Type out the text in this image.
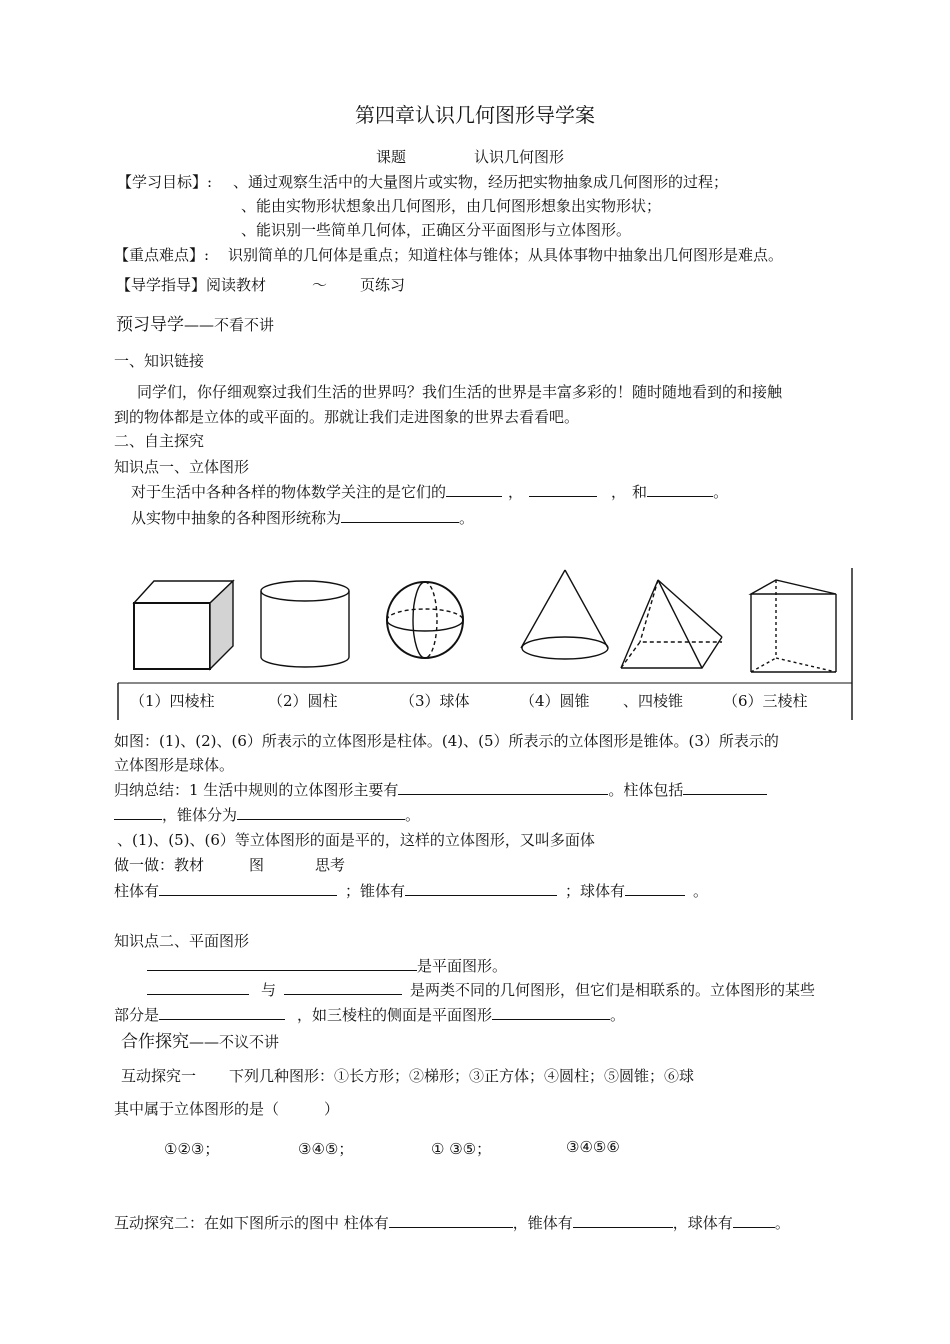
第四章认识几何图形导学案
课题	认识几何图形
【学习目标】: 、通过观察生活中的大量图片或实物，经历把实物抽象成几何图形的过程；
、能由实物形状想象出几何图形，由几何图形想象出实物形状；
、能识别一些简单几何体，正确区分平面图形与立体图形。
【重点难点】: 识别简单的几何体是重点；知道柱体与锥体；从具体事物中抽象出几何图形是难点。
【导学指导】阅读教材	～ 页练习
预习导学——不看不讲
一、知识链接
同学们，你仔细观察过我们生活的世界吗？我们生活的世界是丰富多彩的！随时随地看到的和接触
到的物体都是立体的或平面的。那就让我们走进图象的世界去看看吧。
二、自主探究
知识点一、立体图形
对于生活中各种各样的物体数学关注的是它们的	，	， 和	。
从实物中抽象的各种图形统称为	。
（1）四棱柱	（2）圆柱	（3）球体	（4）圆锥 、四棱锥	（6）三棱柱
如图：(1)、(2)、(6）所表示的立体图形是柱体。(4)、(5）所表示的立体图形是锥体。(3）所表示的
立体图形是球体。
归纳总结：1 生活中规则的立体图形主要有	。柱体包括
，锥体分为	。
、(1)、(5)、(6）等立体图形的面是平的，这样的立体图形，又叫多面体
做一做：教材	图	思考
柱体有	；锥体有	；球体有	。
知识点二、平面图形
是平面图形。
与	是两类不同的几何图形，但它们是相联系的。立体图形的某些
部分是	，如三棱柱的侧面是平面图形	。
合作探究——不议不讲
互动探究一 下列几种图形：①长方形；②梯形；③正方体；④圆柱；⑤圆锥；⑥球
其中属于立体图形的是（　　　）
①②③；	③④⑤；	① ③⑤；	③④⑤⑥
互动探究二：在如下图所示的图中 柱体有	，锥体有	，球体有	。
